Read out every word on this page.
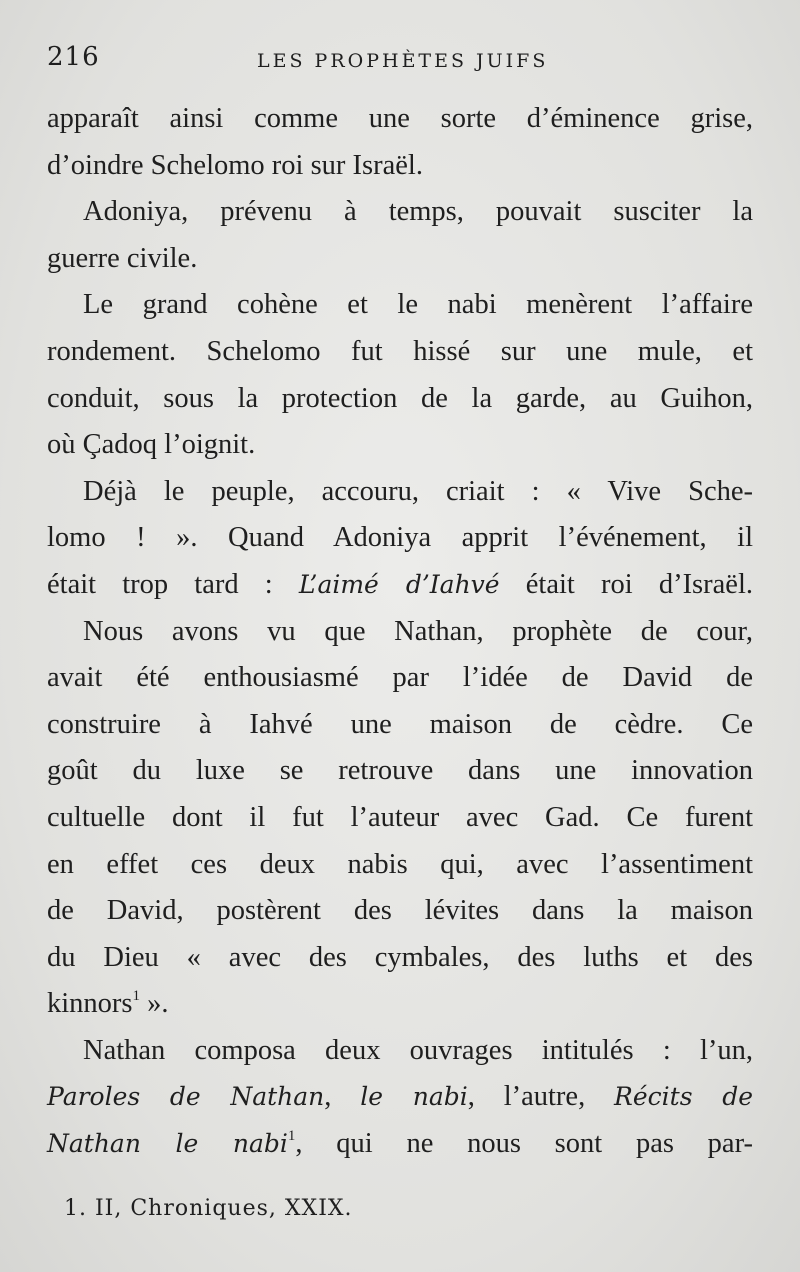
216	LES PROPHÈTES JUIFS
apparaît ainsi comme une sorte d’éminence grise,
d’oindre Schelomo roi sur Israël.
Adoniya, prévenu à temps, pouvait susciter la
guerre civile.
Le grand cohène et le nabi menèrent l’affaire
rondement. Schelomo fut hissé sur une mule, et
conduit, sous la protection de la garde, au Guihon,
où Çadoq l’oignit.
Déjà le peuple, accouru, criait : « Vive Sche-
lomo ! ». Quand Adoniya apprit l’événement, il
était trop tard : L’aimé d’Iahvé était roi d’Israël.
Nous avons vu que Nathan, prophète de cour,
avait été enthousiasmé par l’idée de David de
construire à Iahvé une maison de cèdre. Ce
goût du luxe se retrouve dans une innovation
cultuelle dont il fut l’auteur avec Gad. Ce furent
en effet ces deux nabis qui, avec l’assentiment
de David, postèrent des lévites dans la maison
du Dieu « avec des cymbales, des luths et des
kinnors$^1$ ».
Nathan composa deux ouvrages intitulés : l’un,
Paroles de Nathan, le nabi, l’autre, Récits de
Nathan le nabi$^1$, qui ne nous sont pas par-
1. II, Chroniques, XXIX.
